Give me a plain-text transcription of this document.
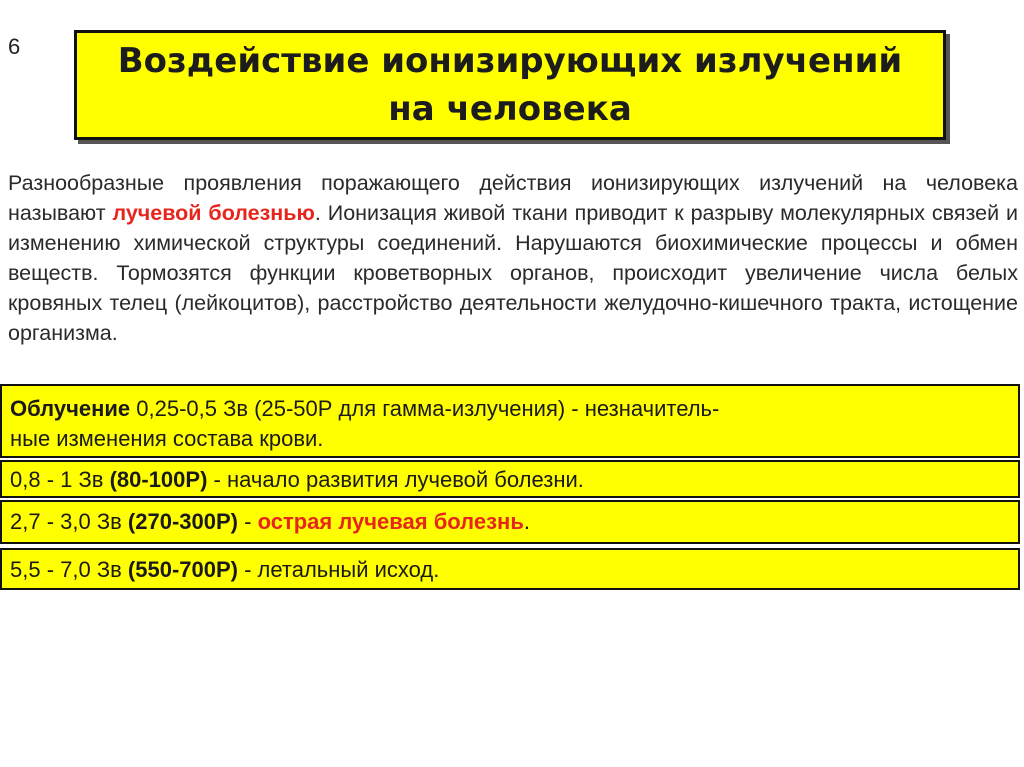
6	Воздействие ионизирующих излучений на человека
Разнообразные проявления поражающего действия ионизирующих излучений на человека называют лучевой болезнью. Ионизация живой ткани приводит к разрыву молекулярных связей и изменению химической структуры соединений. Нарушаются биохимические процессы и обмен веществ. Тормозятся функции кроветворных органов, происходит увеличение числа белых кровяных телец (лейкоцитов), расстройство деятельности желудочно-кишечного тракта, истощение организма.
Облучение 0,25-0,5 Зв (25-50Р для гамма-излучения) - незначитель-
ные изменения состава крови.
0,8 - 1 Зв (80-100Р) - начало развития лучевой болезни.
2,7 - 3,0 Зв (270-300Р) - острая лучевая болезнь.
5,5 - 7,0 Зв (550-700Р) - летальный исход.
